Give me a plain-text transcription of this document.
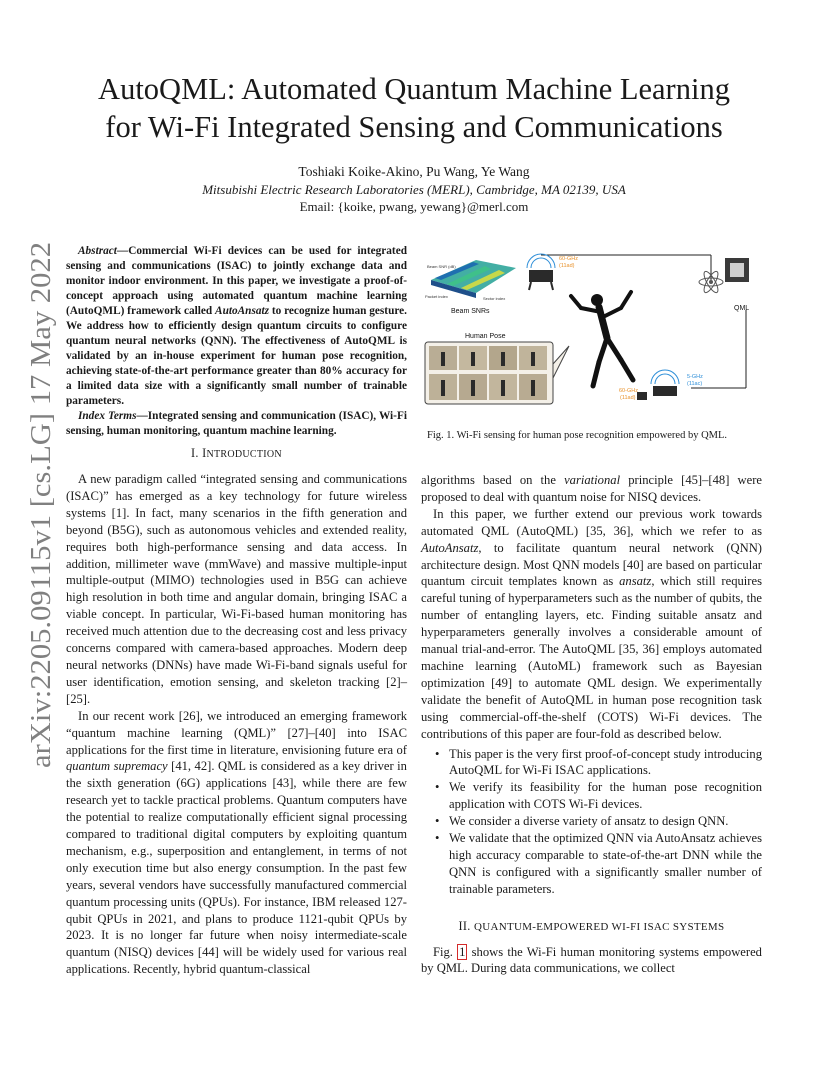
AutoQML: Automated Quantum Machine Learning
for Wi-Fi Integrated Sensing and Communications
Toshiaki Koike-Akino, Pu Wang, Ye Wang
Mitsubishi Electric Research Laboratories (MERL), Cambridge, MA 02139, USA
Email: {koike, pwang, yewang}@merl.com
arXiv:2205.09115v1 [cs.LG] 17 May 2022

Abstract—Commercial Wi-Fi devices can be used for integrated sensing and communications (ISAC) to jointly exchange data and monitor indoor environment. In this paper, we investigate a proof-of-concept approach using automated quantum machine learning (AutoQML) framework called AutoAnsatz to recognize human gesture. We address how to efficiently design quantum circuits to configure quantum neural networks (QNN). The effectiveness of AutoQML is validated by an in-house experiment for human pose recognition, achieving state-of-the-art performance greater than 80% accuracy for a limited data size with a significantly small number of trainable parameters.

Index Terms—Integrated sensing and communication (ISAC), Wi-Fi sensing, human monitoring, quantum machine learning.

I. INTRODUCTION

A new paradigm called “integrated sensing and communications (ISAC)” has emerged as a key technology for future wireless systems [1]. In fact, many scenarios in the fifth generation and beyond (B5G), such as autonomous vehicles and extended reality, requires both high-performance sensing and data access. In addition, millimeter wave (mmWave) and massive multiple-input multiple-output (MIMO) technologies used in B5G can achieve high resolution in both time and angular domain, bringing ISAC a viable concept. In particular, Wi-Fi-based human monitoring has received much attention due to the decreasing cost and less privacy concerns compared with camera-based approaches. Modern deep neural networks (DNNs) have made Wi-Fi-band signals useful for user identification, emotion sensing, and skeleton tracking [2]–[25].

In our recent work [26], we introduced an emerging framework “quantum machine learning (QML)” [27]–[40] into ISAC applications for the first time in literature, envisioning future era of quantum supremacy [41, 42]. QML is considered as a key driver in the sixth generation (6G) applications [43], while there are few research yet to tackle practical problems. Quantum computers have the potential to realize computationally efficient signal processing compared to traditional digital computers by exploiting quantum mechanism, e.g., superposition and entanglement, in terms of not only execution time but also energy consumption. In the past few years, several vendors have successfully manufactured commercial quantum processing units (QPUs). For instance, IBM released 127-qubit QPUs in 2021, and plans to produce 1121-qubit QPUs by 2023. It is no longer far future when noisy intermediate-scale quantum (NISQ) devices [44] will be widely used for various real applications. Recently, hybrid quantum-classical

Beam SNR (dB)
Packet index	Sector index
Beam SNRs
60-GHz
(11ad)
QML
Human Pose
5-GHz
(11ac)
60-GHz
(11ad)
Fig. 1. Wi-Fi sensing for human pose recognition empowered by QML.

algorithms based on the variational principle [45]–[48] were proposed to deal with quantum noise for NISQ devices.

In this paper, we further extend our previous work towards automated QML (AutoQML) [35, 36], which we refer to as AutoAnsatz, to facilitate quantum neural network (QNN) architecture design. Most QNN models [40] are based on particular quantum circuit templates known as ansatz, which still requires careful tuning of hyperparameters such as the number of qubits, the number of entangling layers, etc. Finding suitable ansatz and hyperparameters generally involves a considerable amount of manual trial-and-error. The AutoQML [35, 36] employs automated machine learning (AutoML) framework such as Bayesian optimization [49] to automate QML design. We experimentally validate the benefit of AutoQML in human pose recognition task using commercial-off-the-shelf (COTS) Wi-Fi devices. The contributions of this paper are four-fold as described below.

• This paper is the very first proof-of-concept study introducing AutoQML for Wi-Fi ISAC applications.
• We verify its feasibility for the human pose recognition application with COTS Wi-Fi devices.
• We consider a diverse variety of ansatz to design QNN.
• We validate that the optimized QNN via AutoAnsatz achieves high accuracy comparable to state-of-the-art DNN while the QNN is configured with a significantly smaller number of trainable parameters.
II. QUANTUM-EMPOWERED WI-FI ISAC SYSTEMS

Fig. 1 shows the Wi-Fi human monitoring systems empowered by QML. During data communications, we collect
